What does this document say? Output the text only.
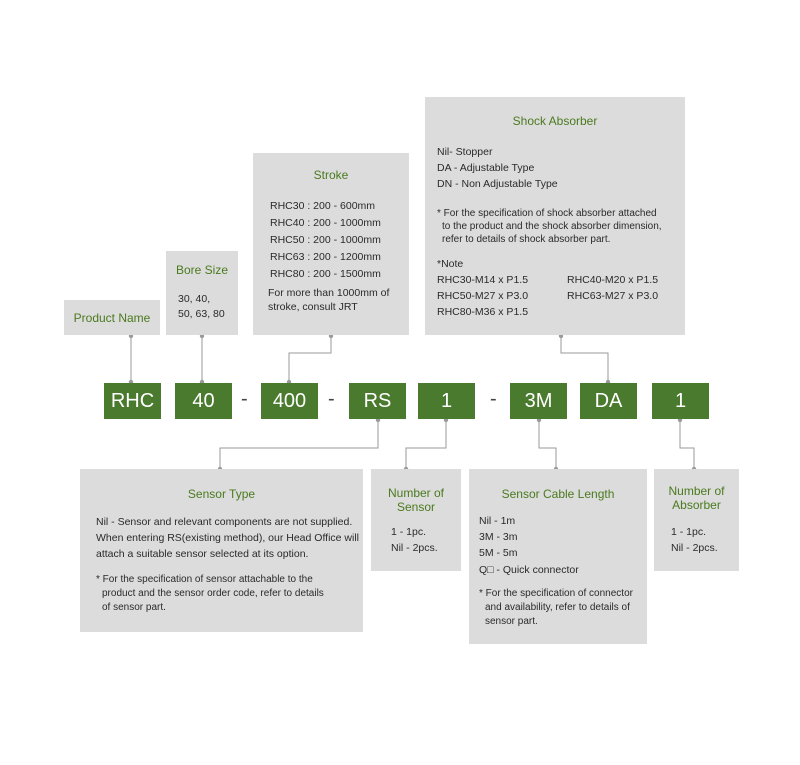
Product Name
Bore Size
30, 40,
50, 63, 80
Stroke
RHC30 : 200 - 600mm
RHC40 : 200 - 1000mm
RHC50 : 200 - 1000mm
RHC63 : 200 - 1200mm
RHC80 : 200 - 1500mm
For more than 1000mm of
stroke, consult JRT
Shock Absorber
Nil- Stopper
DA - Adjustable Type
DN - Non Adjustable Type
* For the specification of shock absorber attached
to the product and the shock absorber dimension,
refer to details of shock absorber part.
*Note
RHC30-M14 x P1.5	RHC40-M20 x P1.5
RHC50-M27 x P3.0	RHC63-M27 x P3.0
RHC80-M36 x P1.5
RHC	40	-	400	-	RS	1	-	3M	DA	1
Sensor Type
Nil - Sensor and relevant components are not supplied.
When entering RS(existing method), our Head Office will
attach a suitable sensor selected at its option.
* For the specification of sensor attachable to the
product and the sensor order code, refer to details
of sensor part.
Number of
Sensor
1 - 1pc.
Nil - 2pcs.
Sensor Cable Length
Nil - 1m
3M - 3m
5M - 5m
Q□ - Quick connector
* For the specification of connector
and availability, refer to details of
sensor part.
Number of
Absorber
1 - 1pc.
Nil - 2pcs.
